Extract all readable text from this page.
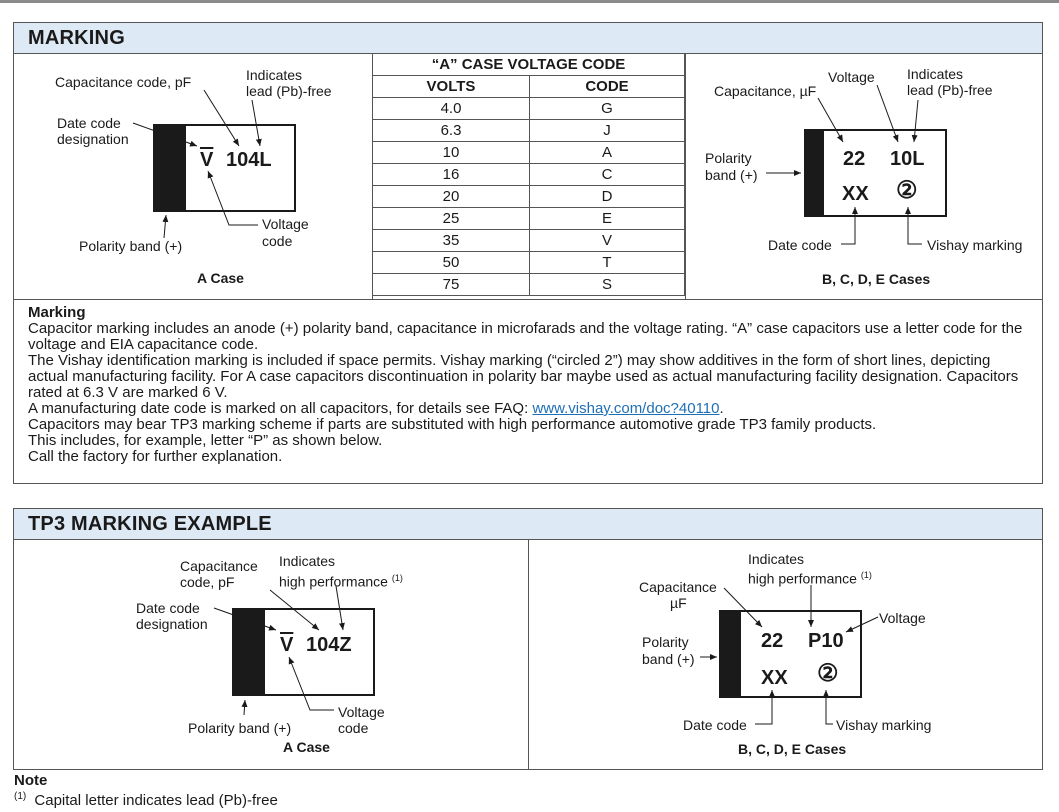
MARKING
Capacitance code, pF	Indicates
lead (Pb)-free
Date code
designation
$\overline{V}$ 104L
Voltage
code
Polarity band (+)
A Case
“A” CASE VOLTAGE CODE	
VOLTS	CODE
4.0	G
6.3	J
10	A
16	C
20	D
25	E
35	V
50	T
75	S
Capacitance, µF
Voltage Indicates
lead (Pb)-free
Polarity
band (+)
22 10L
XX ②
Date code	Vishay marking
B, C, D, E Cases

Marking

Capacitor marking includes an anode (+) polarity band, capacitance in microfarads and the voltage rating. “A” case capacitors use a letter code for the voltage and EIA capacitance code.

The Vishay identification marking is included if space permits. Vishay marking (“circled 2”) may show additives in the form of short lines, depicting actual manufacturing facility. For A case capacitors discontinuation in polarity bar maybe used as actual manufacturing facility designation. Capacitors rated at 6.3 V are marked 6 V.

A manufacturing date code is marked on all capacitors, for details see FAQ: www.vishay.com/doc?40110.

Capacitors may bear TP3 marking scheme if parts are substituted with high performance automotive grade TP3 family products.

This includes, for example, letter “P” as shown below.

Call the factory for further explanation.

TP3 MARKING EXAMPLE
Capacitance
code, pF
Indicates
high performance $^{(1)}$
Date code
designation
$\overline{V}$ 104Z
Voltage
code
Polarity band (+)
A Case
Capacitance
µF
Indicates
high performance $^{(1)}$
Voltage
Polarity
band (+)
22 P10
XX ②
Date code	Vishay marking
B, C, D, E Cases
Note
$^{(1)}$ Capital letter indicates lead (Pb)-free
